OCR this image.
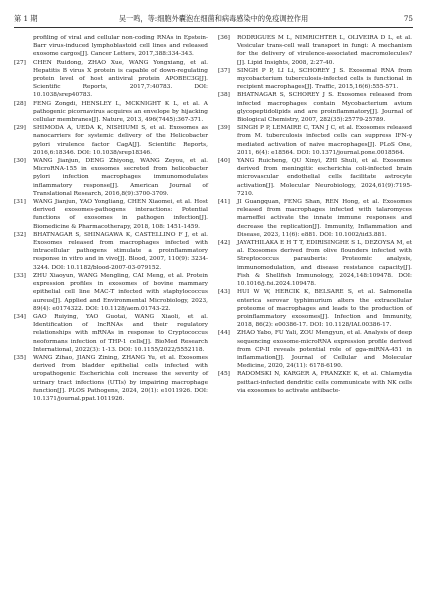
第 1 期	吴一鸣，等:细胞外囊泡在细菌和病毒感染中的免疫调控作用	75
profiling of viral and cellular non-coding RNAs in Epstein-Barr virus-induced lymphoblastoid cell lines and released exosome cargos[J]. Cancer Letters, 2017,388:334-343.
[27] CHEN Ruidong, ZHAO Xue, WANG Yongxiang, et al. Hepatitis B virus X protein is capable of down-regulating protein level of host antiviral protein APOBEC3G[J]. Scientific Reports, 2017,7:40783. DOI: 10.1038/srep40783.
[28] FENG Zongdi, HENSLEY L, MCKNIGHT K L, et al. A pathogenic picornavirus acquires an envelope by hijacking cellular membranes[J]. Nature, 2013, 496(7445):367-371.
[29] SHIMODA A, UEDA K, NISHIUMI S, et al. Exosomes as nanocarriers for systemic delivery of the Helicobacter pylori virulence factor CagA[J]. Scientific Reports, 2016,6:18346. DOI: 10.1038/srep18346.
[30] WANG Jianjun, DENG Zhiyong, WANG Zeyou, et al. MicroRNA-155 in exosomes secreted from helicobacter pylori infection macrophages immunomodulates inflammatory response[J]. American Journal of Translational Research, 2016,8(9):3700-3709.
[31] WANG Jianjun, YAO Yongliang, CHEN Xiaomei, et al. Host derived exosomes-pathogens interactions: Potential functions of exosomes in pathogen infection[J]. Biomedicine & Pharmacotherapy, 2018, 108: 1451-1459.
[32] BHATNAGAR S, SHINAGAWA K, CASTELLINO F J, et al. Exosomes released from macrophages infected with intracellular pathogens stimulate a proinflammatory response in vitro and in vivo[J]. Blood, 2007, 110(9): 3234-3244. DOI: 10.1182/blood-2007-03-079152.
[33] ZHU Xiaoyun, WANG Mengling, CAI Meng, et al. Protein expression profiles in exosomes of bovine mammary epithelial cell line MAC-T infected with staphylococcus aureus[J]. Applied and Environmental Microbiology, 2023, 89(4): e0174322. DOI: 10.1128/aem.01743-22.
[34] GAO Ruiying, YAO Guotai, WANG Xiaoli, et al. Identification of lncRNAs and their regulatory relationships with mRNAs in response to Cryptococcus neoformans infection of THP-1 cells[J]. BioMed Research International, 2022(3): 1-13. DOI: 10.1155/2022/5552118.
[35] WANG Zihao, JIANG Zining, ZHANG Yu, et al. Exosomes derived from bladder epithelial cells infected with uropathogenic Escherichia coli increase the severity of urinary tract infections (UTIs) by impairing macrophage function[J]. PLOS Pathogens, 2024, 20(1): e1011926. DOI: 10.1371/journal.ppat.1011926.
[36] RODRIGUES M L, NIMRICHTER L, OLIVEIRA D L, et al. Vesicular trans-cell wall transport in fungi: A mechanism for the delivery of virulence-associated macromolecules?[J]. Lipid Insights, 2008, 2:27-40.
[37] SINGH P P, LI Li, SCHOREY J S. Exosomal RNA from mycobacterium tuberculosis-infected cells is functional in recipient macrophages[J]. Traffic, 2015,16(6):555-571.
[38] BHATNAGAR S, SCHOREY J S. Exosomes released from infected macrophages contain Mycobacterium avium glycopeptidolipids and are proinflammatory[J]. Journal of Biological Chemistry, 2007, 282(35):25779-25789.
[39] SINGH P P, LEMAIRE C, TAN J C, et al. Exosomes released from M. tuberculosis infected cells can suppress IFN-γ mediated activation of naive macrophages[J]. PLoS One, 2011, 6(4): e18564. DOI: 10.1371/journal.pone.0018564.
[40] YANG Ruicheng, QU Xinyi, ZHI Shuli, et al. Exosomes derived from meningitic escherichia coli-infected brain microvascular endothelial cells facilitate astrocyte activation[J]. Molecular Neurobiology, 2024,61(9):7195-7210.
[41] JI Guangquan, FENG Shan, REN Hong, et al. Exosomes released from macrophages infected with talaromyces marneffei activate the innate immune responses and decrease the replication[J]. Immunity, Inflammation and Disease, 2023, 11(6): e881. DOI: 10.1002/iid3.881.
[42] JAYATHILAKA E H T T, EDIRISINGHE S L, DEZOYSA M, et al. Exosomes derived from olive flounders infected with Streptococcus parauberis: Proteomic analysis, immunomodulation, and disease resistance capacity[J]. Fish & Shellfish Immunology, 2024,148:109478. DOI: 10.1016/j.fsi.2024.109478.
[43] HUI W W, HERCIK K, BELSARE S, et al. Salmonella enterica serovar typhimurium alters the extracellular proteome of macrophages and leads to the production of proinflammatory exosomes[J]. Infection and Immunity, 2018, 86(2): e00386-17. DOI: 10.1128/IAI.00386-17.
[44] ZHAO Yabo, FU Yali, ZOU Mengyun, et al. Analysis of deep sequencing exosome-microRNA expression profile derived from CP-II reveals potential role of gga-miRNA-451 in inflammation[J]. Journal of Cellular and Molecular Medicine, 2020, 24(11): 6178-6190.
[45] RADOMSKI N, KARGER A, FRANZKE K, et al. Chlamydia psittaci-infected dendritic cells communicate with NK cells via exosomes to activate antibacte-
